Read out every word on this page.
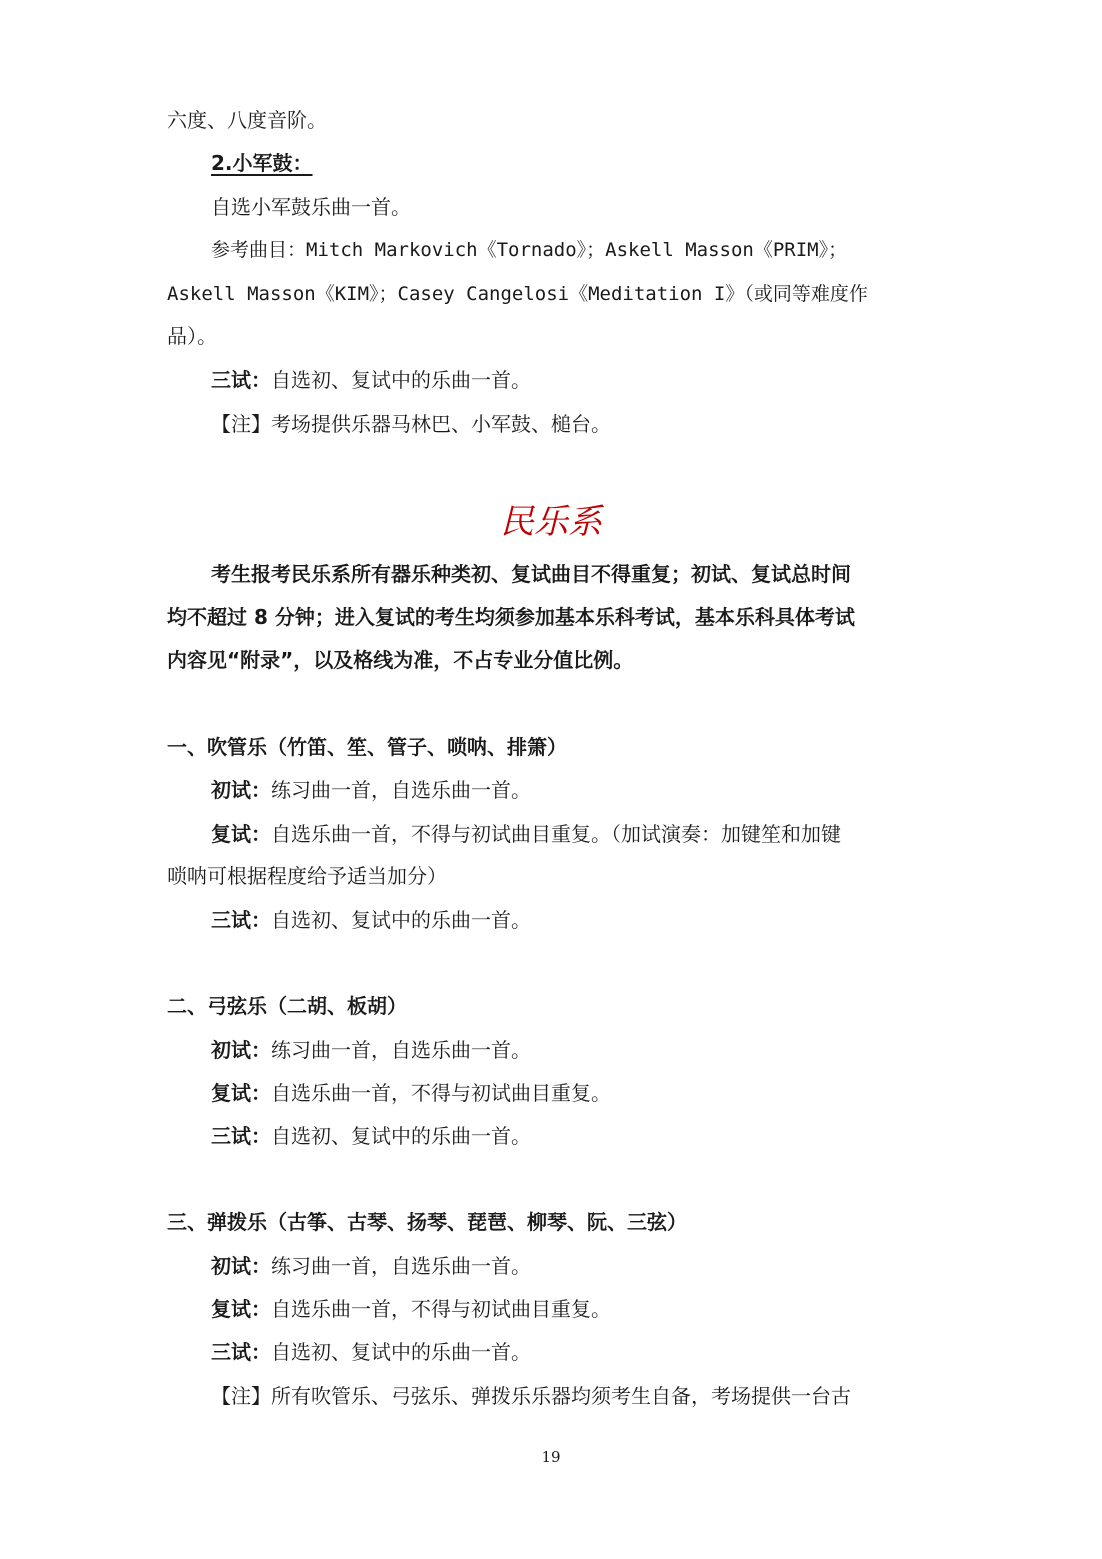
六度、八度音阶。
2.小军鼓：
自选小军鼓乐曲一首。
参考曲目：Mitch Markovich《Tornado》；Askell Masson《PRIM》；
Askell Masson《KIM》；Casey Cangelosi《Meditation I》（或同等难度作
品）。
三试：自选初、复试中的乐曲一首。
【注】考场提供乐器马林巴、小军鼓、槌台。
民乐系
考生报考民乐系所有器乐种类初、复试曲目不得重复；初试、复试总时间
均不超过 8 分钟；进入复试的考生均须参加基本乐科考试，基本乐科具体考试
内容见“附录”，以及格线为准，不占专业分值比例。
一、吹管乐（竹笛、笙、管子、唢呐、排箫）
初试：练习曲一首，自选乐曲一首。
复试：自选乐曲一首，不得与初试曲目重复。（加试演奏：加键笙和加键
唢呐可根据程度给予适当加分）
三试：自选初、复试中的乐曲一首。
二、弓弦乐（二胡、板胡）
初试：练习曲一首，自选乐曲一首。
复试：自选乐曲一首，不得与初试曲目重复。
三试：自选初、复试中的乐曲一首。
三、弹拨乐（古筝、古琴、扬琴、琵琶、柳琴、阮、三弦）
初试：练习曲一首，自选乐曲一首。
复试：自选乐曲一首，不得与初试曲目重复。
三试：自选初、复试中的乐曲一首。
【注】所有吹管乐、弓弦乐、弹拨乐乐器均须考生自备，考场提供一台古
19
